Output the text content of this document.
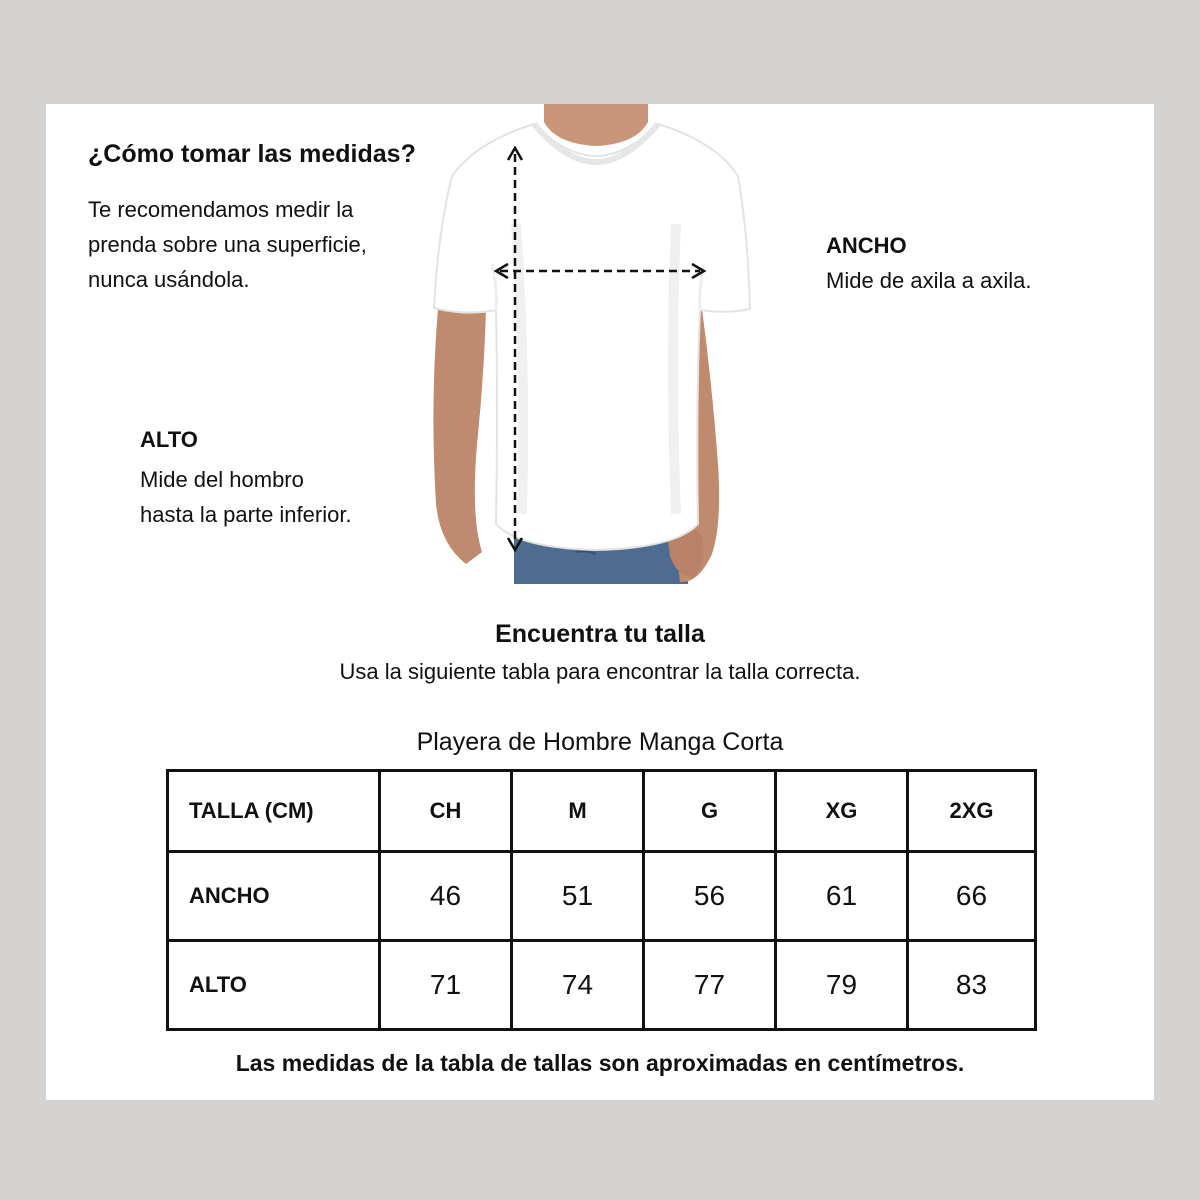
¿Cómo tomar las medidas?
Te recomendamos medir la
prenda sobre una superficie,
nunca usándola.
ANCHO
Mide de axila a axila.
ALTO
Mide del hombro
hasta la parte inferior.
Encuentra tu talla
Usa la siguiente tabla para encontrar la talla correcta.
Playera de Hombre Manga Corta
TALLA (CM)	CH	M	G	XG	2XG
ANCHO	46	51	56	61	66
ALTO	71	74	77	79	83
Las medidas de la tabla de tallas son aproximadas en centímetros.
